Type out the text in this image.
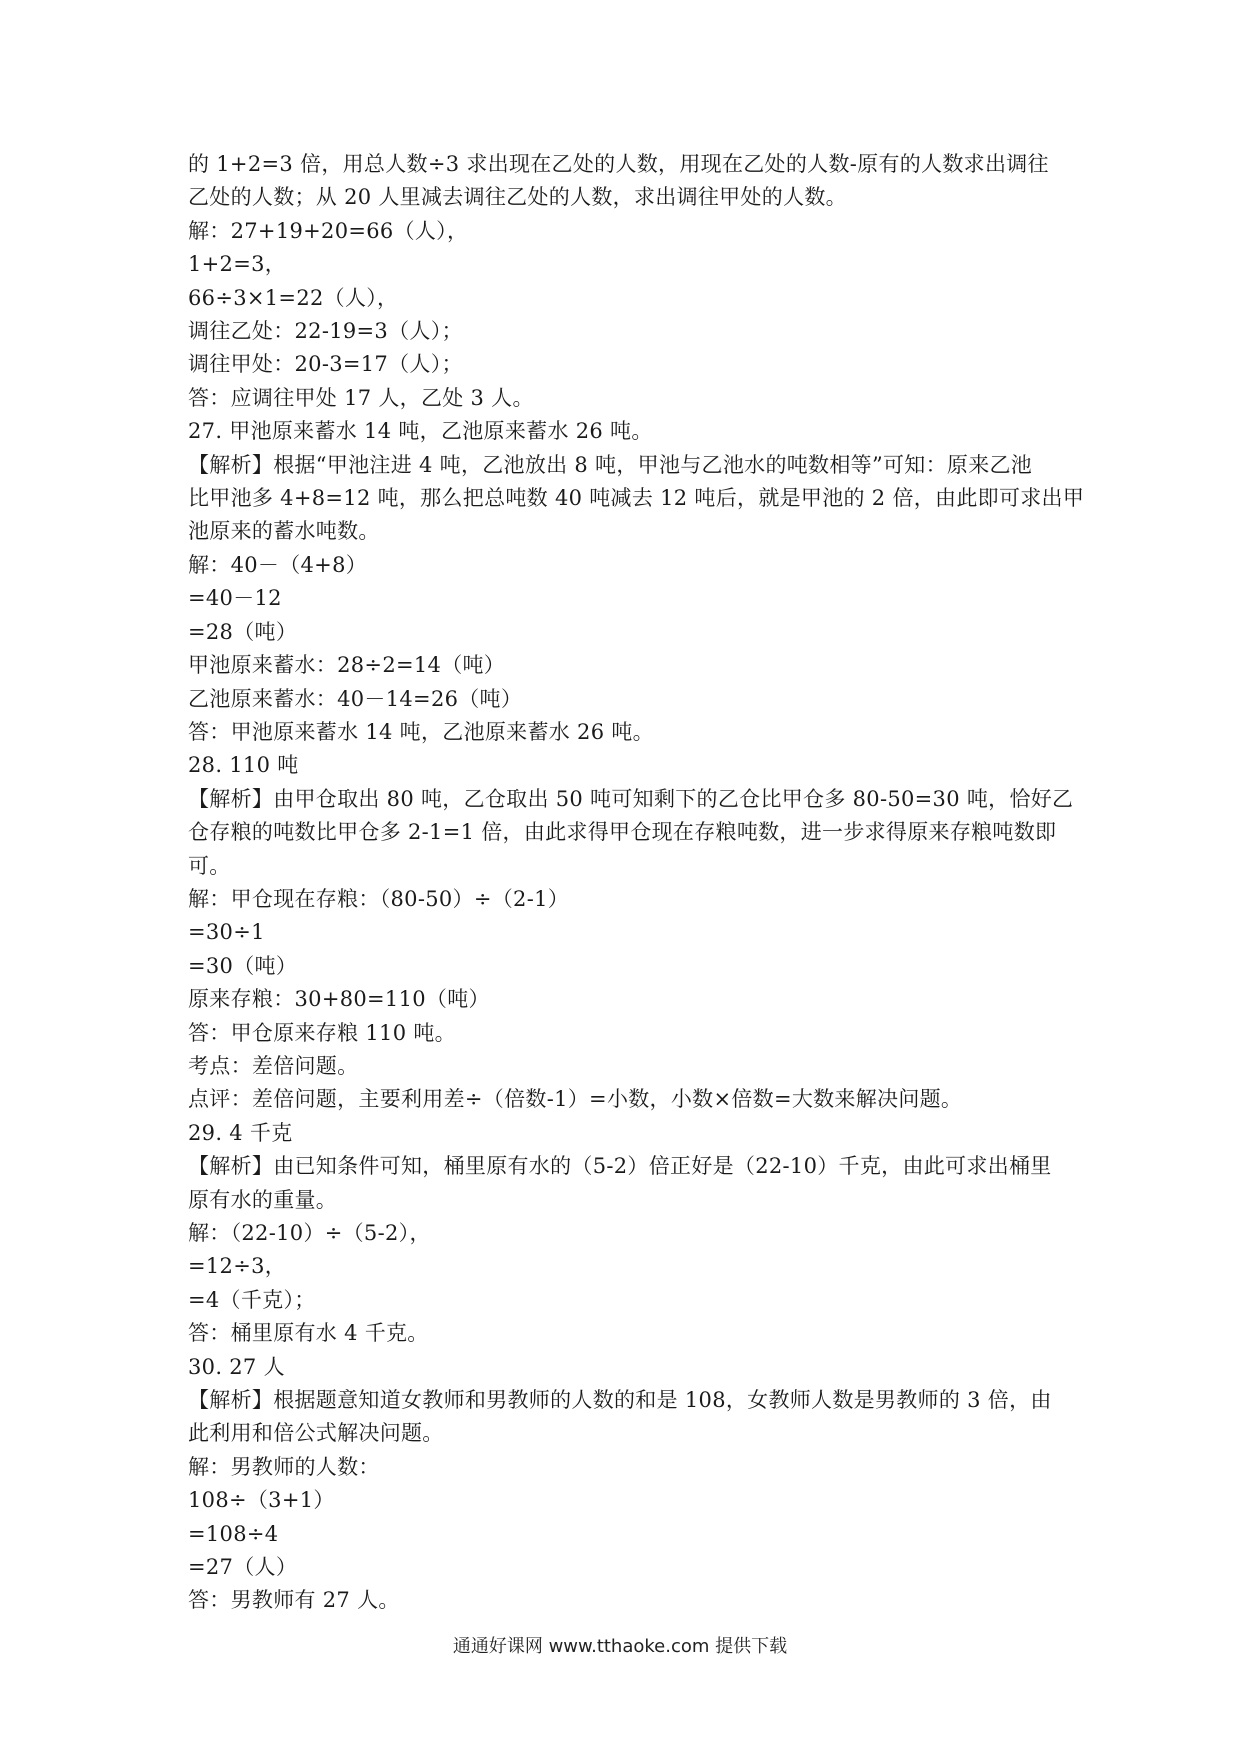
的 1+2=3 倍，用总人数÷3 求出现在乙处的人数，用现在乙处的人数-原有的人数求出调往
乙处的人数；从 20 人里减去调往乙处的人数，求出调往甲处的人数。
解：27+19+20=66（人），
1+2=3，
66÷3×1=22（人），
调往乙处：22-19=3（人）；
调往甲处：20-3=17（人）；
答：应调往甲处 17 人，乙处 3 人。
27. 甲池原来蓄水 14 吨，乙池原来蓄水 26 吨。
【解析】根据“甲池注进 4 吨，乙池放出 8 吨，甲池与乙池水的吨数相等”可知：原来乙池
比甲池多 4+8=12 吨，那么把总吨数 40 吨减去 12 吨后，就是甲池的 2 倍，由此即可求出甲
池原来的蓄水吨数。
解：40－（4+8）
=40－12
=28（吨）
甲池原来蓄水：28÷2=14（吨）
乙池原来蓄水：40－14=26（吨）
答：甲池原来蓄水 14 吨，乙池原来蓄水 26 吨。
28. 110 吨
【解析】由甲仓取出 80 吨，乙仓取出 50 吨可知剩下的乙仓比甲仓多 80-50=30 吨，恰好乙
仓存粮的吨数比甲仓多 2-1=1 倍，由此求得甲仓现在存粮吨数，进一步求得原来存粮吨数即
可。
解：甲仓现在存粮：（80-50）÷（2-1）
=30÷1
=30（吨）
原来存粮：30+80=110（吨）
答：甲仓原来存粮 110 吨。
考点：差倍问题。
点评：差倍问题，主要利用差÷（倍数-1）=小数，小数×倍数=大数来解决问题。
29. 4 千克
【解析】由已知条件可知，桶里原有水的（5-2）倍正好是（22-10）千克，由此可求出桶里
原有水的重量。
解：（22-10）÷（5-2），
=12÷3，
=4（千克）；
答：桶里原有水 4 千克。
30. 27 人
【解析】根据题意知道女教师和男教师的人数的和是 108，女教师人数是男教师的 3 倍，由
此利用和倍公式解决问题。
解：男教师的人数：
108÷（3+1）
=108÷4
=27（人）
答：男教师有 27 人。
通通好课网 www.tthaoke.com 提供下载
